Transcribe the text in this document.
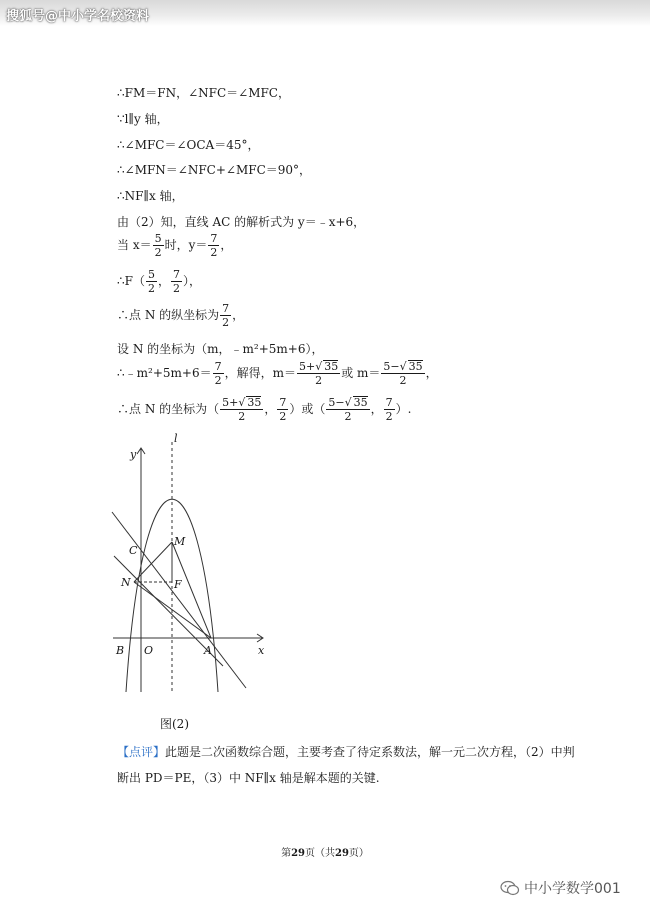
搜狐号@中小学名校资料
∴FM＝FN，∠NFC＝∠MFC，
∵l∥y 轴，
∴∠MFC＝∠OCA＝45°，
∴∠MFN＝∠NFC+∠MFC＝90°，
∴NF∥x 轴，
由（2）知，直线 AC 的解析式为 y＝﹣x+6，
当 $x= \frac{5}{2}$ 时，$y= \frac{7}{2}$ ，
∴F（ $\frac{5}{2}$ ， $\frac{7}{2}$ ），
∴点 N 的纵坐标为 $\frac{7}{2}$ ，
设 N 的坐标为（m，﹣m²+5m+6），
∴﹣m²+5m+6＝ $\frac{7}{2}$ ，解得，$m= \frac{5+√ 35}{2}$ 或 $m= \frac{5-√ 35}{2}$ ，
∴点 N 的坐标为（ $\frac{5+√ 35}{2}$ ， $\frac{7}{2}$ ）或（ $\frac{5-√ 35}{2}$ ， $\frac{7}{2}$ ）.
l
y
x
C
M
N	F
B O	A
图(2)
【点评】此题是二次函数综合题，主要考查了待定系数法，解一元二次方程，（2）中判
断出 PD＝PE，（3）中 NF∥x 轴是解本题的关键.
第29页（共29页）
中小学数学001
